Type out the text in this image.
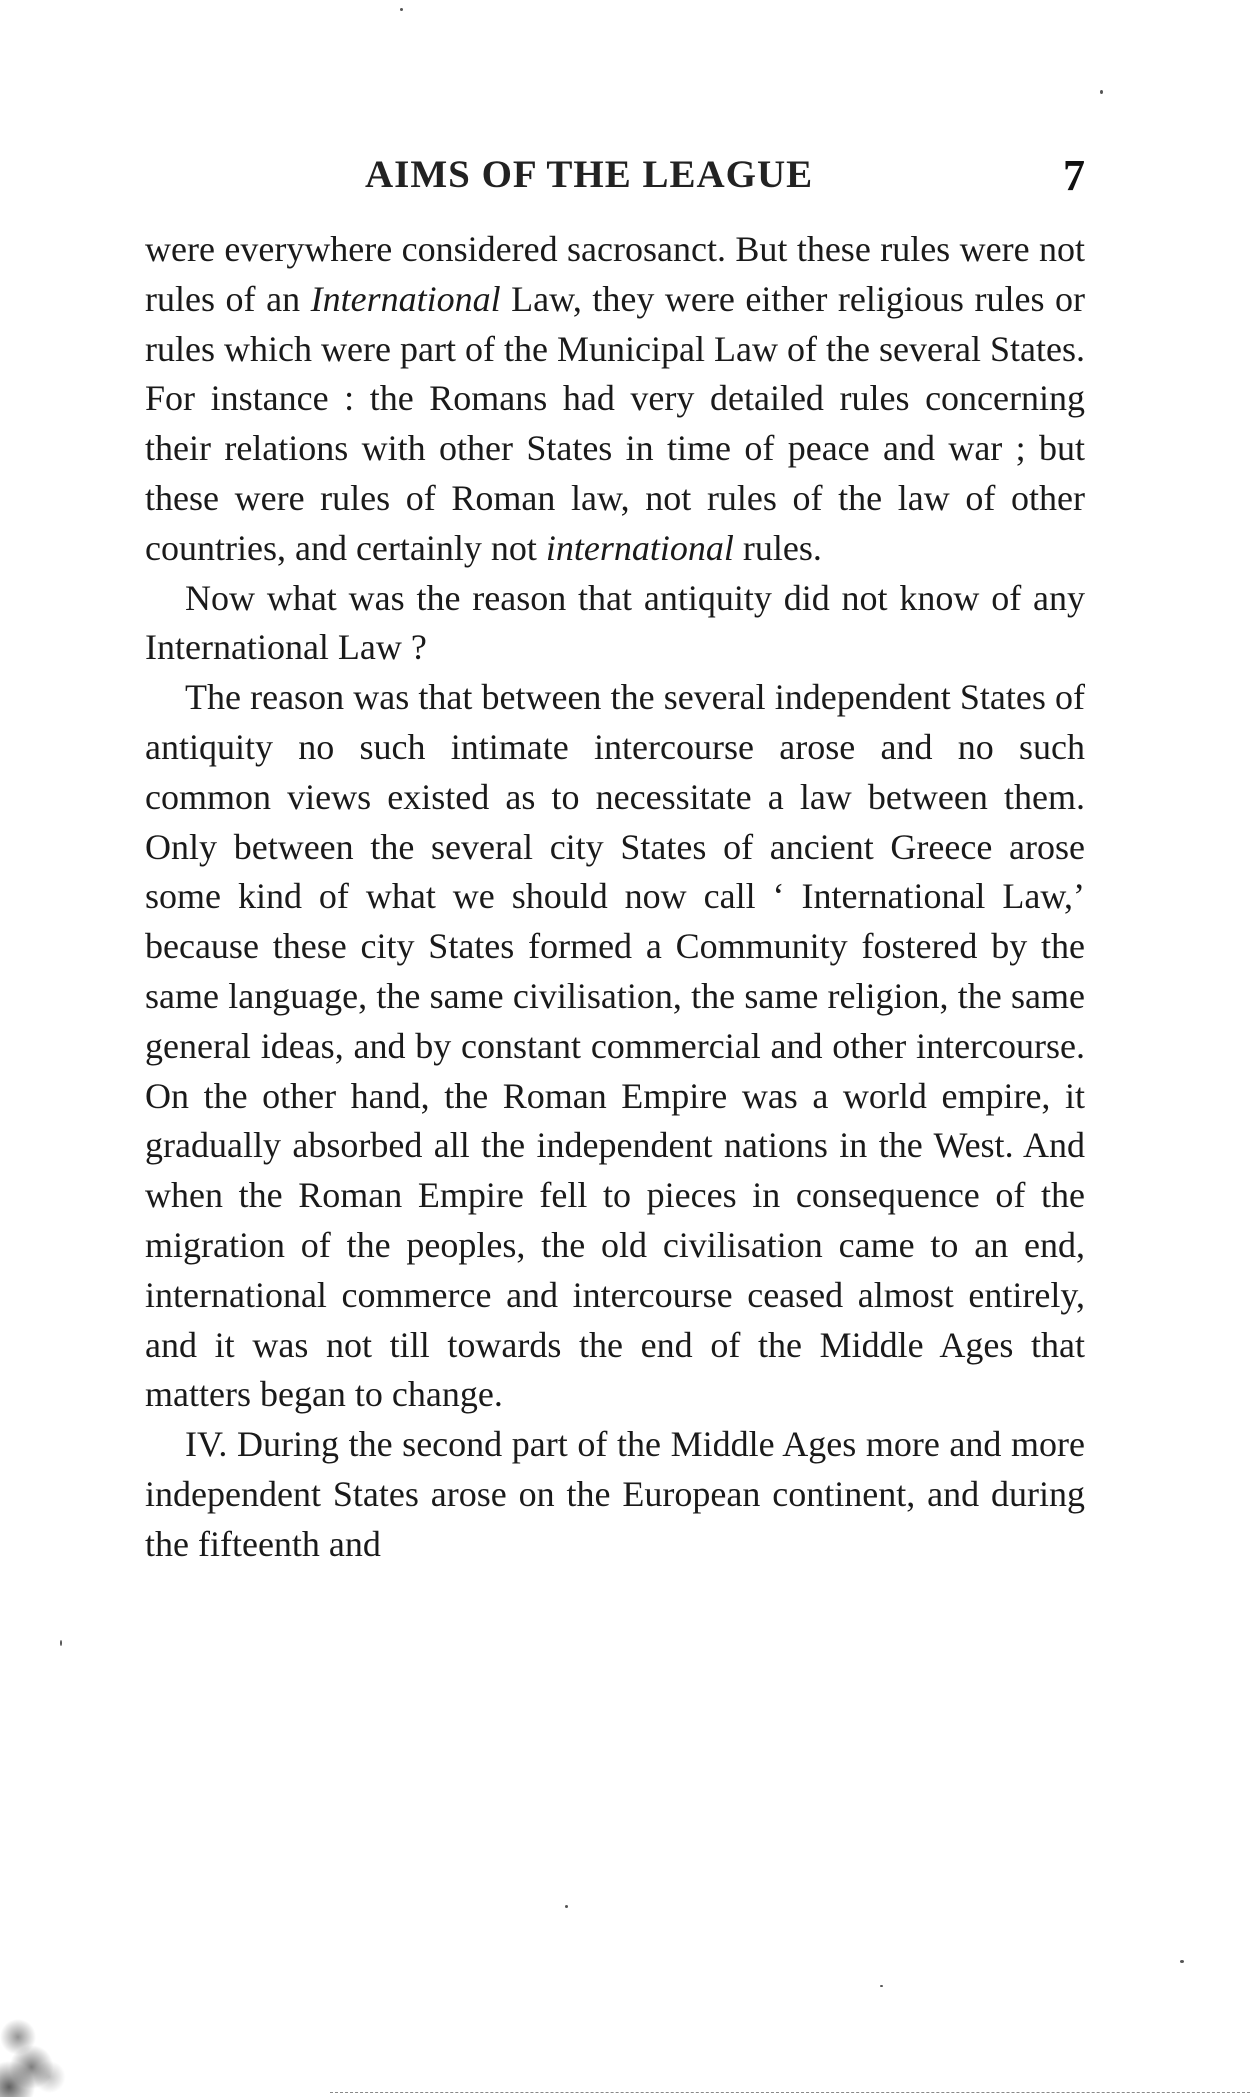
AIMS OF THE LEAGUE	7

were everywhere considered sacrosanct. But these rules were not rules of an International Law, they were either religious rules or rules which were part of the Municipal Law of the several States. For instance : the Romans had very detailed rules concerning their relations with other States in time of peace and war ; but these were rules of Roman law, not rules of the law of other countries, and certainly not international rules.

Now what was the reason that antiquity did not know of any International Law ?

The reason was that between the several independent States of antiquity no such intimate intercourse arose and no such common views existed as to necessitate a law between them. Only between the several city States of ancient Greece arose some kind of what we should now call ‘ International Law,’ because these city States formed a Community fostered by the same language, the same civilisation, the same religion, the same general ideas, and by constant commercial and other intercourse. On the other hand, the Roman Empire was a world empire, it gradually absorbed all the independent nations in the West. And when the Roman Empire fell to pieces in consequence of the migration of the peoples, the old civilisation came to an end, international commerce and intercourse ceased almost entirely, and it was not till towards the end of the Middle Ages that matters began to change.

IV. During the second part of the Middle Ages more and more independent States arose on the European continent, and during the fifteenth and
